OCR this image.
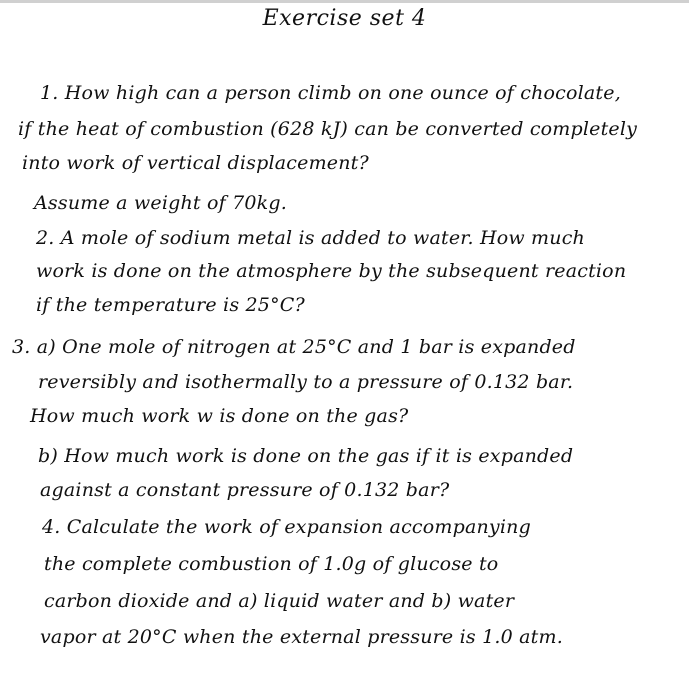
Exercise set 4
1. How high can a person climb on one ounce of chocolate,
if the heat of combustion (628 kJ) can be converted completely
into work of vertical displacement?
Assume a weight of 70kg.
2. A mole of sodium metal is added to water. How much
work is done on the atmosphere by the subsequent reaction
if the temperature is 25°C?
3. a) One mole of nitrogen at 25°C and 1 bar is expanded
reversibly and isothermally to a pressure of 0.132 bar.
How much work w is done on the gas?
b) How much work is done on the gas if it is expanded
against a constant pressure of 0.132 bar?
4. Calculate the work of expansion accompanying
the complete combustion of 1.0g of glucose to
carbon dioxide and a) liquid water and b) water
vapor at 20°C when the external pressure is 1.0 atm.
